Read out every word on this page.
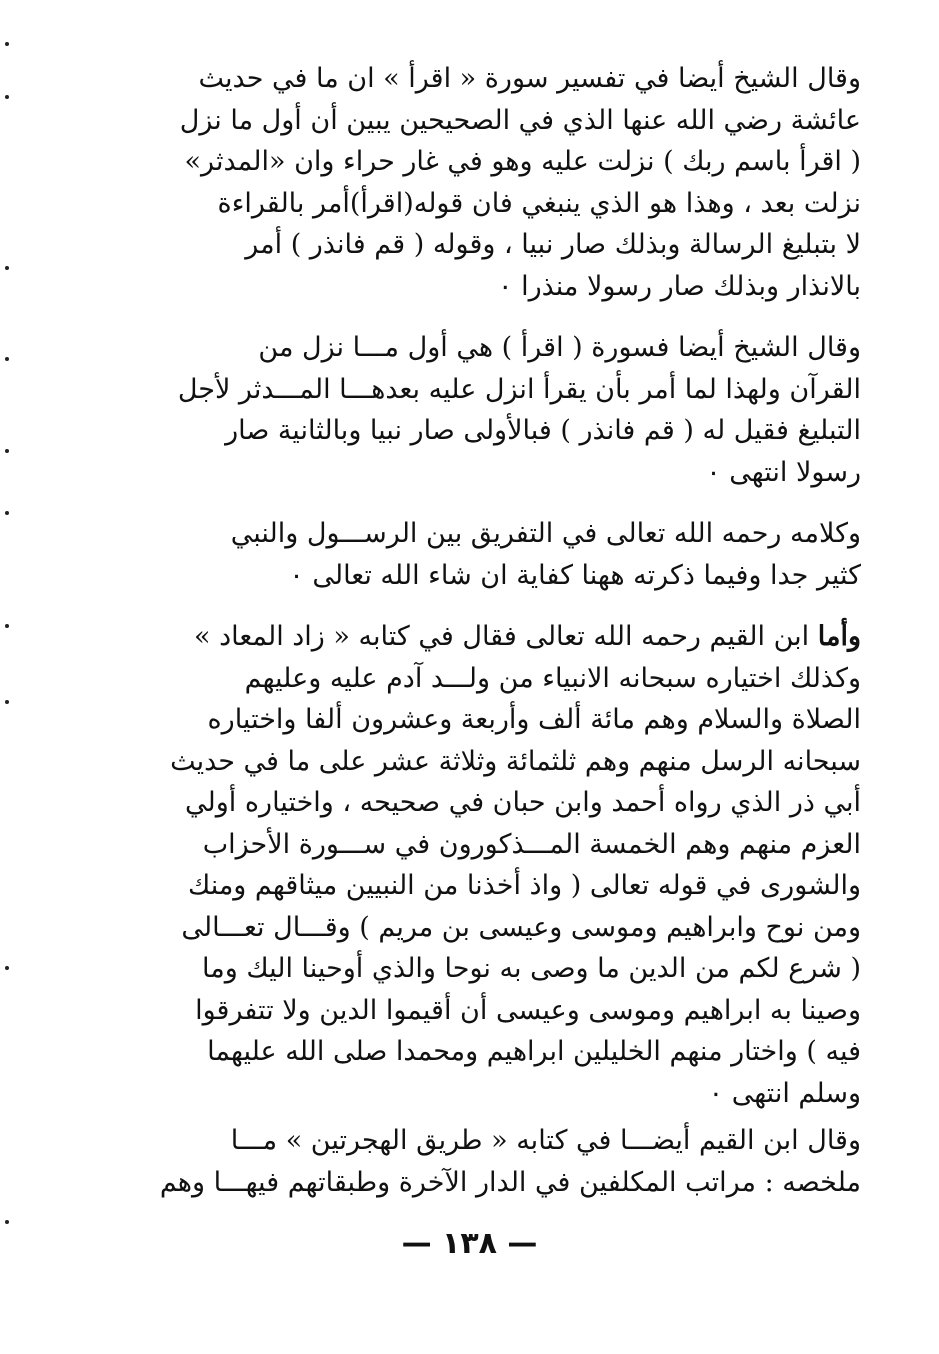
وقال الشيخ أيضا في تفسير سورة « اقرأ » ان ما في حديث
عائشة رضي الله عنها الذي في الصحيحين يبين أن أول ما نزل
( اقرأ باسم ربك ) نزلت عليه وهو في غار حراء وان «المدثر»
نزلت بعد ، وهذا هو الذي ينبغي فان قوله(اقرأ)أمر بالقراءة
لا بتبليغ الرسالة وبذلك صار نبيا ، وقوله ( قم فانذر ) أمر
بالانذار وبذلك صار رسولا منذرا ٠

وقال الشيخ أيضا فسورة ( اقرأ ) هي أول مـــا نزل من
القرآن ولهذا لما أمر بأن يقرأ انزل عليه بعدهـــا المـــدثر لأجل
التبليغ فقيل له ( قم فانذر ) فبالأولى صار نبيا وبالثانية صار
رسولا انتهى ٠

وكلامه رحمه الله تعالى في التفريق بين الرســـول والنبي
كثير جدا وفيما ذكرته ههنا كفاية ان شاء الله تعالى ٠

وأما ابن القيم رحمه الله تعالى فقال في كتابه « زاد المعاد »
وكذلك اختياره سبحانه الانبياء من ولـــد آدم عليه وعليهم
الصلاة والسلام وهم مائة ألف وأربعة وعشرون ألفا واختياره
سبحانه الرسل منهم وهم ثلثمائة وثلاثة عشر على ما في حديث
أبي ذر الذي رواه أحمد وابن حبان في صحيحه ، واختياره أولي
العزم منهم وهم الخمسة المـــذكورون في ســـورة الأحزاب
والشورى في قوله تعالى ( واذ أخذنا من النبيين ميثاقهم ومنك
ومن نوح وابراهيم وموسى وعيسى بن مريم ) وقـــال تعـــالى
( شرع لكم من الدين ما وصى به نوحا والذي أوحينا اليك وما
وصينا به ابراهيم وموسى وعيسى أن أقيموا الدين ولا تتفرقوا
فيه ) واختار منهم الخليلين ابراهيم ومحمدا صلى الله عليهما
وسلم انتهى ٠

وقال ابن القيم أيضـــا في كتابه « طريق الهجرتين » مـــا
ملخصه : مراتب المكلفين في الدار الآخرة وطبقاتهم فيهـــا وهم

— ١٣٨ —
